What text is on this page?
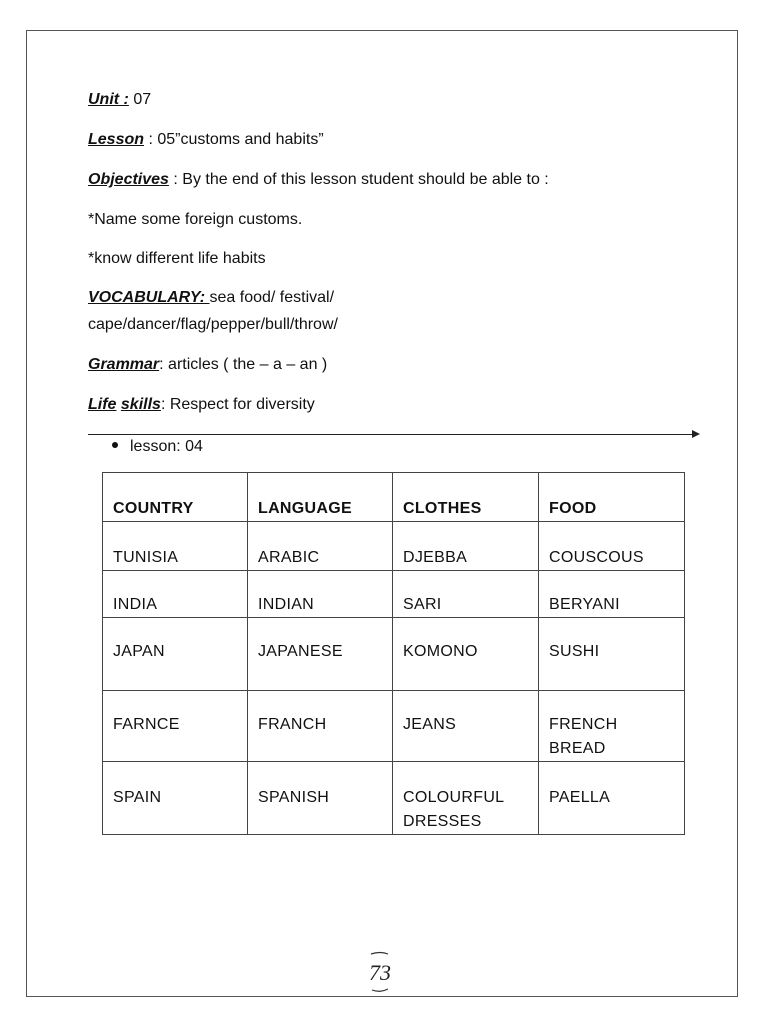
Unit : 07
Lesson : 05”customs and habits”
Objectives : By the end of this lesson student should be able to :
*Name some foreign customs.
*know different life habits
VOCABULARY: sea food/ festival/
cape/dancer/flag/pepper/bull/throw/
Grammar: articles ( the – a – an )
Life skills: Respect for diversity
lesson: 04
COUNTRY	LANGUAGE	CLOTHES	FOOD
TUNISIA	ARABIC	DJEBBA	COUSCOUS
INDIA	INDIAN	SARI	BERYANI
JAPAN	JAPANESE	KOMONO	SUSHI
FARNCE	FRANCH	JEANS	FRENCH BREAD
SPAIN	SPANISH	COLOURFUL DRESSES	PAELLA
73
